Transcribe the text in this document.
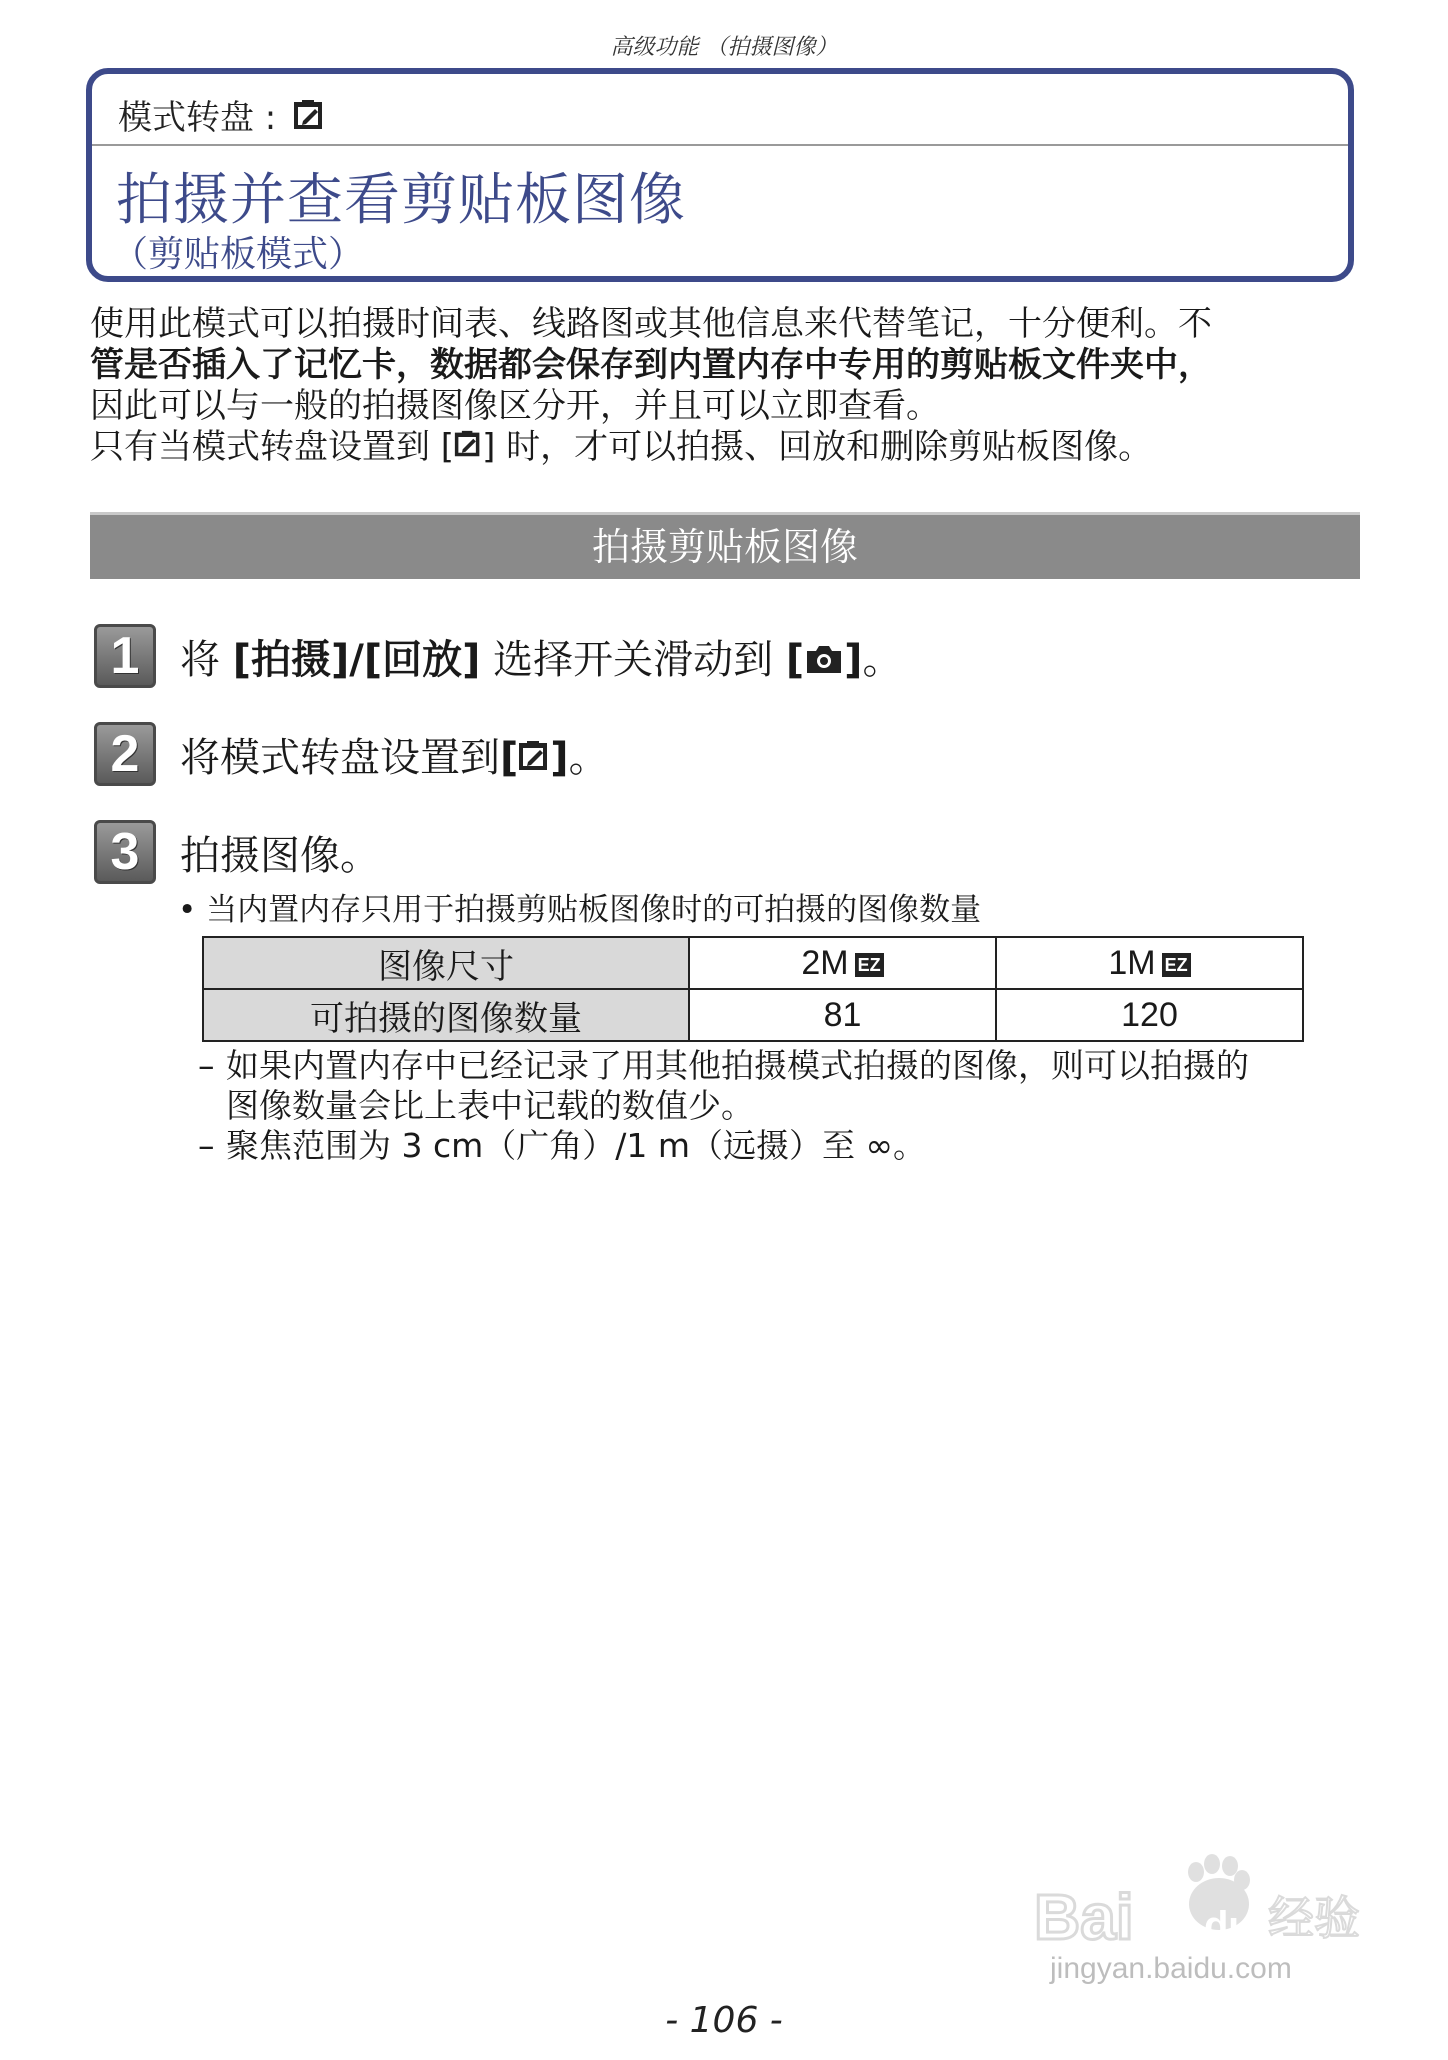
高级功能 （拍摄图像）
模式转盘 :
拍摄并查看剪贴板图像
（剪贴板模式）

使用此模式可以拍摄时间表、线路图或其他信息来代替笔记，十分便利。不

管是否插入了记忆卡，数据都会保存到内置内存中专用的剪贴板文件夹中，

因此可以与一般的拍摄图像区分开，并且可以立即查看。

只有当模式转盘设置到 [ ] 时，才可以拍摄、回放和删除剪贴板图像。

拍摄剪贴板图像
1	将 [拍摄]/[回放] 选择开关滑动到 [ ]。
2	将模式转盘设置到[ ]。
3	拍摄图像。
• 当内置内存只用于拍摄剪贴板图像时的可拍摄的图像数量
图像尺寸	2M EZ	1M EZ
可拍摄的图像数量	81	120
– 如果内置内存中已经记录了用其他拍摄模式拍摄的图像，则可以拍摄的
图像数量会比上表中记载的数值少。
– 聚焦范围为 3 cm（广角）/1 m（远摄）至 ∞。
Bai du 经验
jingyan.baidu.com
- 106 -
